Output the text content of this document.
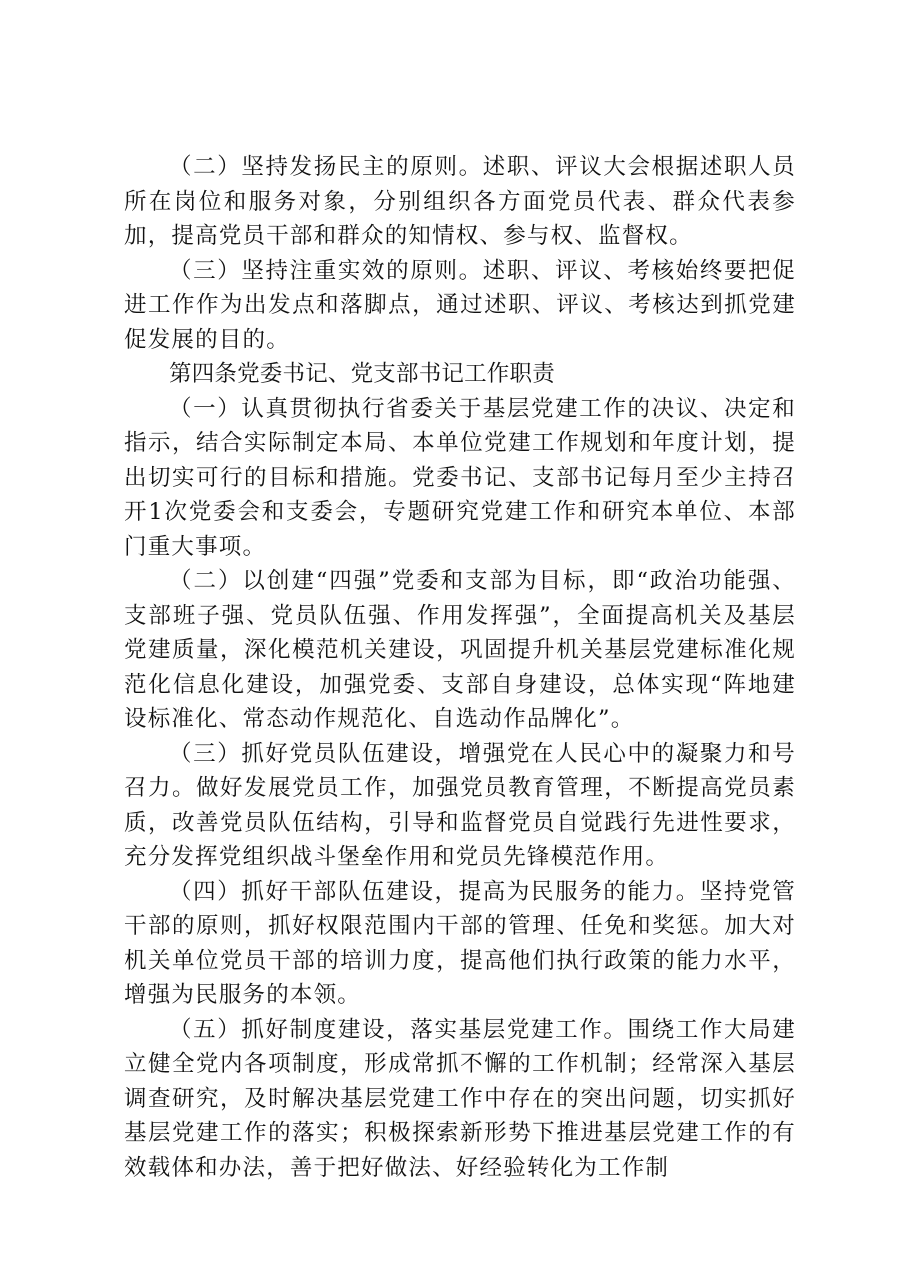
（二）坚持发扬民主的原则。述职、评议大会根据述职人员所在岗位和服务对象，分别组织各方面党员代表、群众代表参加，提高党员干部和群众的知情权、参与权、监督权。

（三）坚持注重实效的原则。述职、评议、考核始终要把促进工作作为出发点和落脚点，通过述职、评议、考核达到抓党建促发展的目的。

第四条党委书记、党支部书记工作职责

（一）认真贯彻执行省委关于基层党建工作的决议、决定和指示，结合实际制定本局、本单位党建工作规划和年度计划，提出切实可行的目标和措施。党委书记、支部书记每月至少主持召开1次党委会和支委会，专题研究党建工作和研究本单位、本部门重大事项。

（二）以创建“四强”党委和支部为目标，即“政治功能强、支部班子强、党员队伍强、作用发挥强”，全面提高机关及基层党建质量，深化模范机关建设，巩固提升机关基层党建标准化规范化信息化建设，加强党委、支部自身建设，总体实现“阵地建设标准化、常态动作规范化、自选动作品牌化”。

（三）抓好党员队伍建设，增强党在人民心中的凝聚力和号召力。做好发展党员工作，加强党员教育管理，不断提高党员素质，改善党员队伍结构，引导和监督党员自觉践行先进性要求，充分发挥党组织战斗堡垒作用和党员先锋模范作用。

（四）抓好干部队伍建设，提高为民服务的能力。坚持党管干部的原则，抓好权限范围内干部的管理、任免和奖惩。加大对机关单位党员干部的培训力度，提高他们执行政策的能力水平，增强为民服务的本领。

（五）抓好制度建设，落实基层党建工作。围绕工作大局建立健全党内各项制度，形成常抓不懈的工作机制；经常深入基层调查研究，及时解决基层党建工作中存在的突出问题，切实抓好基层党建工作的落实；积极探索新形势下推进基层党建工作的有效载体和办法，善于把好做法、好经验转化为工作制
